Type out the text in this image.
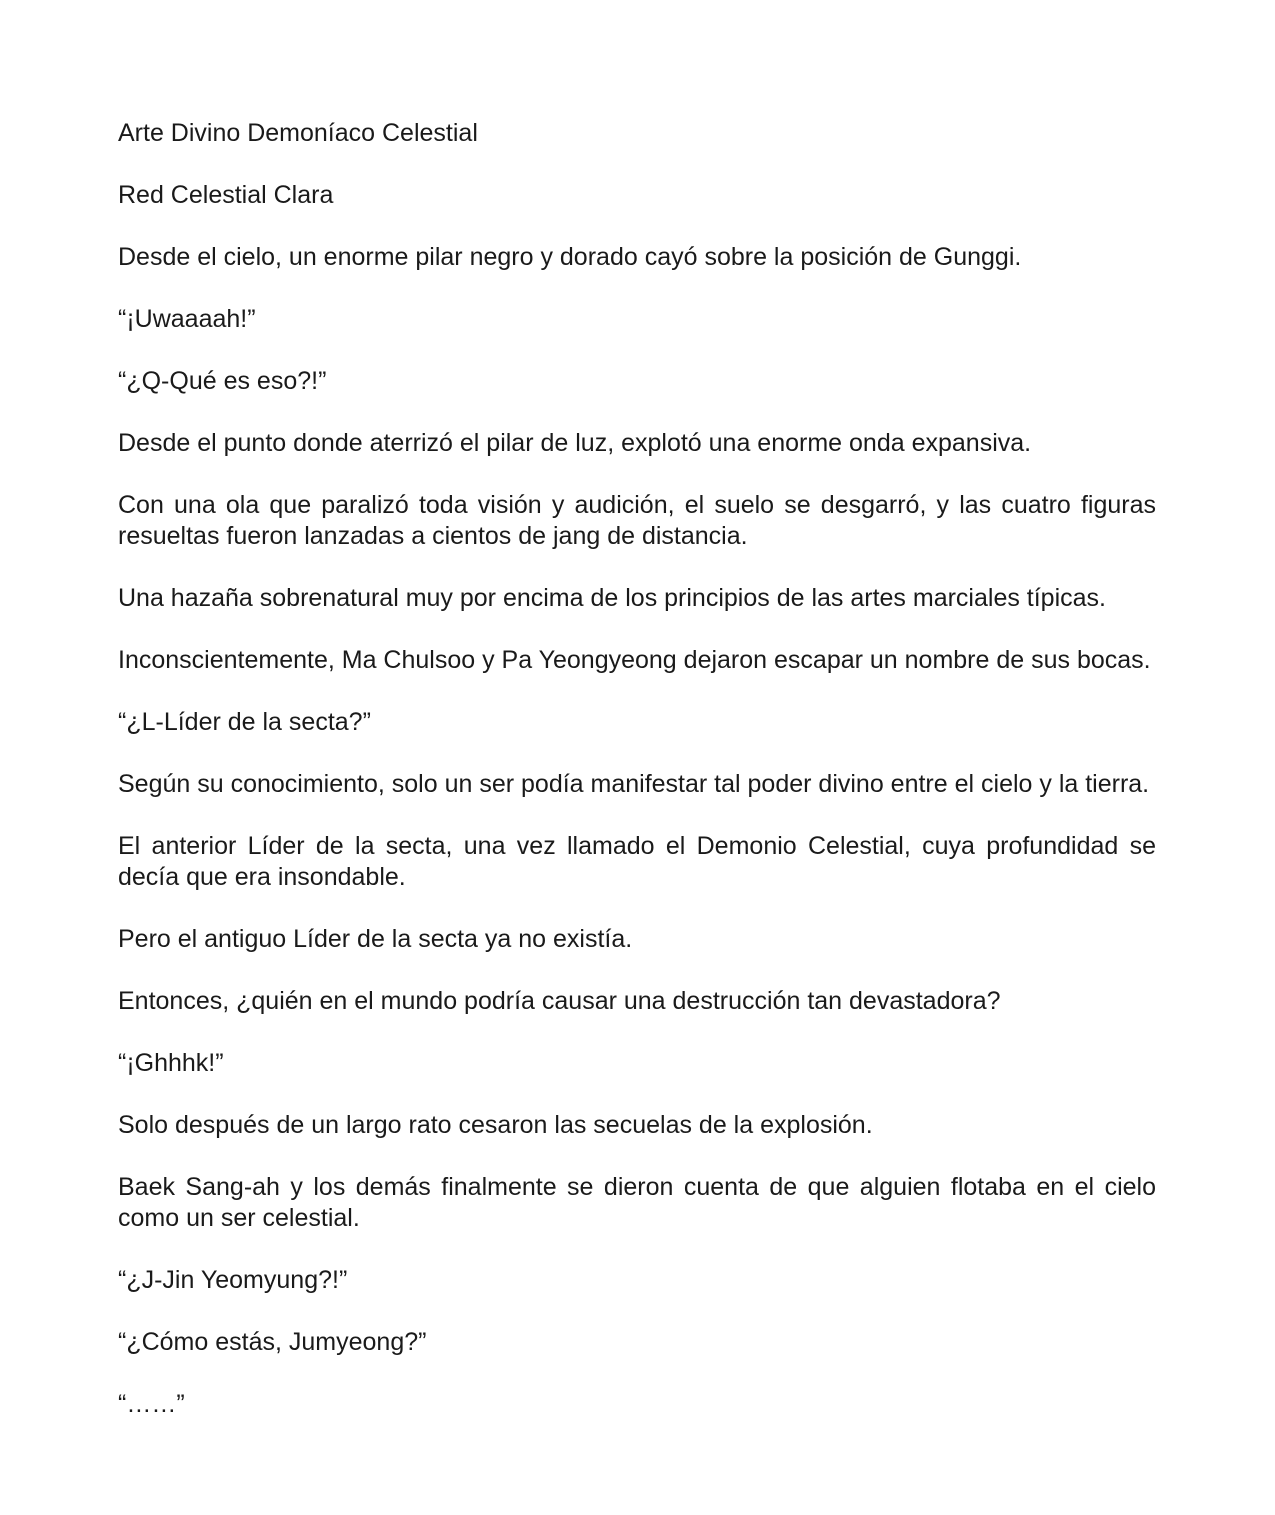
Arte Divino Demoníaco Celestial

Red Celestial Clara

Desde el cielo, un enorme pilar negro y dorado cayó sobre la posición de Gunggi.

“¡Uwaaaah!”

“¿Q-Qué es eso?!”

Desde el punto donde aterrizó el pilar de luz, explotó una enorme onda expansiva.

Con una ola que paralizó toda visión y audición, el suelo se desgarró, y las cuatro figuras resueltas fueron lanzadas a cientos de jang de distancia.

Una hazaña sobrenatural muy por encima de los principios de las artes marciales típicas.

Inconscientemente, Ma Chulsoo y Pa Yeongyeong dejaron escapar un nombre de sus bocas.

“¿L-Líder de la secta?”

Según su conocimiento, solo un ser podía manifestar tal poder divino entre el cielo y la tierra.

El anterior Líder de la secta, una vez llamado el Demonio Celestial, cuya profundidad se decía que era insondable.

Pero el antiguo Líder de la secta ya no existía.

Entonces, ¿quién en el mundo podría causar una destrucción tan devastadora?

“¡Ghhhk!”

Solo después de un largo rato cesaron las secuelas de la explosión.

Baek Sang-ah y los demás finalmente se dieron cuenta de que alguien flotaba en el cielo como un ser celestial.

“¿J-Jin Yeomyung?!”

“¿Cómo estás, Jumyeong?”

“……”
